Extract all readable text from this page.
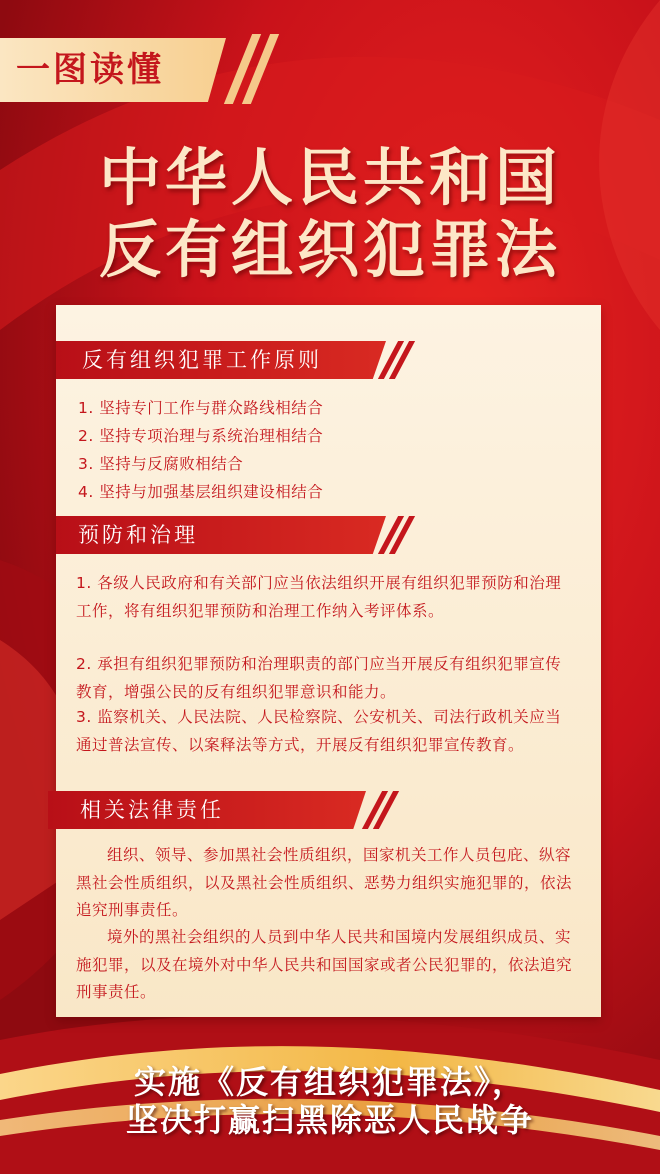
一图读懂
中华人民共和国
反有组织犯罪法
反有组织犯罪工作原则
1. 坚持专门工作与群众路线相结合
2. 坚持专项治理与系统治理相结合
3. 坚持与反腐败相结合
4. 坚持与加强基层组织建设相结合
预防和治理
1. 各级人民政府和有关部门应当依法组织开展有组织犯罪预防和治理工作，将有组织犯罪预防和治理工作纳入考评体系。
2. 承担有组织犯罪预防和治理职责的部门应当开展反有组织犯罪宣传教育，增强公民的反有组织犯罪意识和能力。
3. 监察机关、人民法院、人民检察院、公安机关、司法行政机关应当通过普法宣传、以案释法等方式，开展反有组织犯罪宣传教育。
相关法律责任
组织、领导、参加黑社会性质组织，国家机关工作人员包庇、纵容黑社会性质组织，以及黑社会性质组织、恶势力组织实施犯罪的，依法追究刑事责任。
境外的黑社会组织的人员到中华人民共和国境内发展组织成员、实施犯罪，以及在境外对中华人民共和国国家或者公民犯罪的，依法追究刑事责任。
实施《反有组织犯罪法》，
坚决打赢扫黑除恶人民战争
